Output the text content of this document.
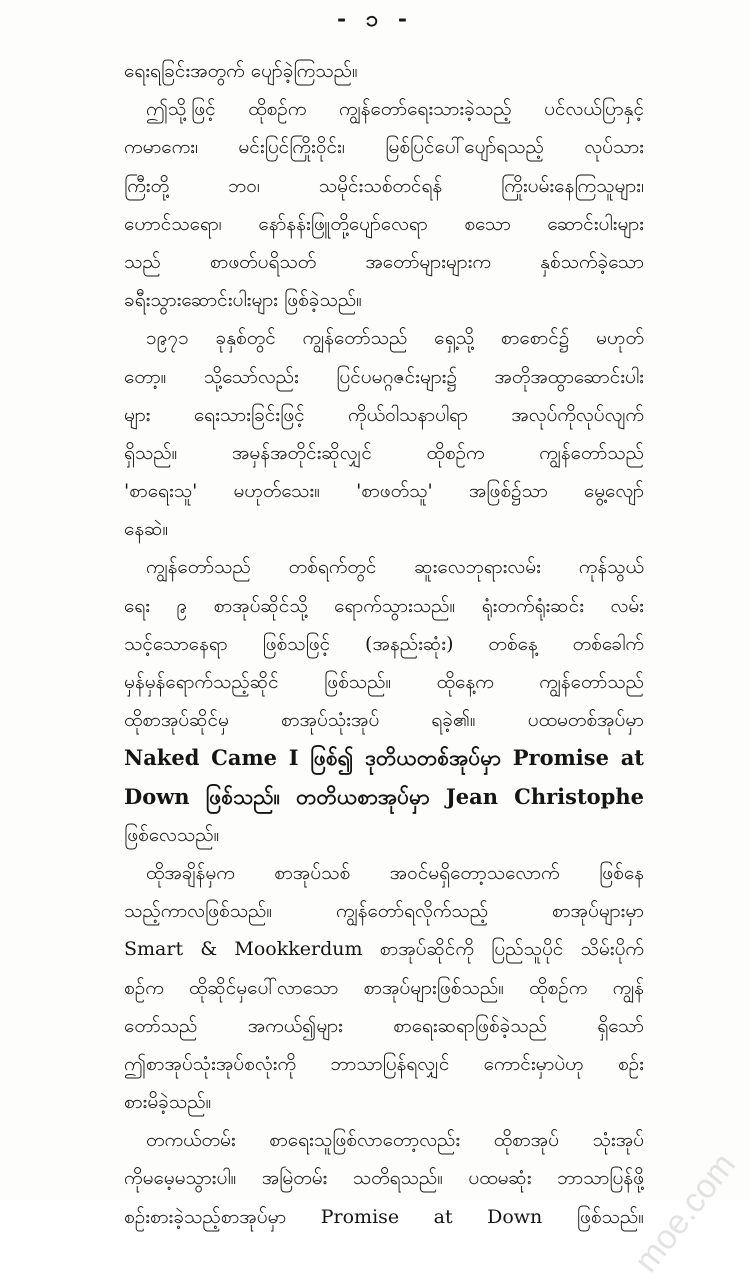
- ၁ -
ရေးရခြင်းအတွက် ပျော်ခဲ့ကြသည်။
ဤသို့ဖြင့် ထိုစဉ်က ကျွန်တော်ရေးသားခဲ့သည့် ပင်လယ်ပြာနှင့်
ကမာကေး၊ မင်းပြင်ကြိုးဝိုင်း၊ မြစ်ပြင်ပေါ်ပျော်ရသည့် လုပ်သား
ကြီးတို့ ဘဝ၊ သမိုင်းသစ်တင်ရန် ကြိုးပမ်းနေကြသူများ၊
ဟောင်သရော၊ နော်နန်းဖြူတို့ပျော်လေရာ စသော ဆောင်းပါးများ
သည် စာဖတ်ပရိသတ် အတော်များများက နှစ်သက်ခဲ့သော
ခရီးသွားဆောင်းပါးများ ဖြစ်ခဲ့သည်။
၁၉၇၁ ခုနှစ်တွင် ကျွန်တော်သည် ရှေ့သို့ စာစောင်၌ မဟုတ်
တော့။ သို့သော်လည်း ပြင်ပမဂ္ဂဇင်းများ၌ အတိုအထွာဆောင်းပါး
များ ရေးသားခြင်းဖြင့် ကိုယ်ဝါသနာပါရာ အလုပ်ကိုလုပ်လျက်
ရှိသည်။ အမှန်အတိုင်းဆိုလျှင် ထိုစဉ်က ကျွန်တော်သည်
'စာရေးသူ' မဟုတ်သေး။ 'စာဖတ်သူ' အဖြစ်၌သာ မွေ့လျော်
နေဆဲ။
ကျွန်တော်သည် တစ်ရက်တွင် ဆူးလေဘုရားလမ်း ကုန်သွယ်
ရေး ၉ စာအုပ်ဆိုင်သို့ ရောက်သွားသည်။ ရုံးတက်ရုံးဆင်း လမ်း
သင့်သောနေရာ ဖြစ်သဖြင့် (အနည်းဆုံး) တစ်နေ့ တစ်ခေါက်
မှန်မှန်ရောက်သည့်ဆိုင် ဖြစ်သည်။ ထိုနေ့က ကျွန်တော်သည်
ထိုစာအုပ်ဆိုင်မှ စာအုပ်သုံးအုပ် ရခဲ့၏။ ပထမတစ်အုပ်မှာ
Naked Came I ဖြစ်၍ ဒုတိယတစ်အုပ်မှာ Promise at
Down ဖြစ်သည်။ တတိယစာအုပ်မှာ Jean Christophe
ဖြစ်လေသည်။
ထိုအချိန်မှက စာအုပ်သစ် အဝင်မရှိတော့သလောက် ဖြစ်နေ
သည့်ကာလဖြစ်သည်။ ကျွန်တော်ရလိုက်သည့် စာအုပ်များမှာ
Smart & Mookkerdum စာအုပ်ဆိုင်ကို ပြည်သူပိုင် သိမ်းပိုက်
စဉ်က ထိုဆိုင်မှပေါ်လာသော စာအုပ်များဖြစ်သည်။ ထိုစဉ်က ကျွန်
တော်သည် အကယ်၍များ စာရေးဆရာဖြစ်ခဲ့သည် ရှိသော်
ဤစာအုပ်သုံးအုပ်စလုံးကို ဘာသာပြန်ရလျှင် ကောင်းမှာပဲဟု စဉ်း
စားမိခဲ့သည်။
တကယ်တမ်း စာရေးသူဖြစ်လာတော့လည်း ထိုစာအုပ် သုံးအုပ်
ကိုမမေ့မသွားပါ။ အမြဲတမ်း သတိရသည်။ ပထမဆုံး ဘာသာပြန်ဖို့
စဉ်းစားခဲ့သည့်စာအုပ်မှာ Promise at Down ဖြစ်သည်။
moe.com
